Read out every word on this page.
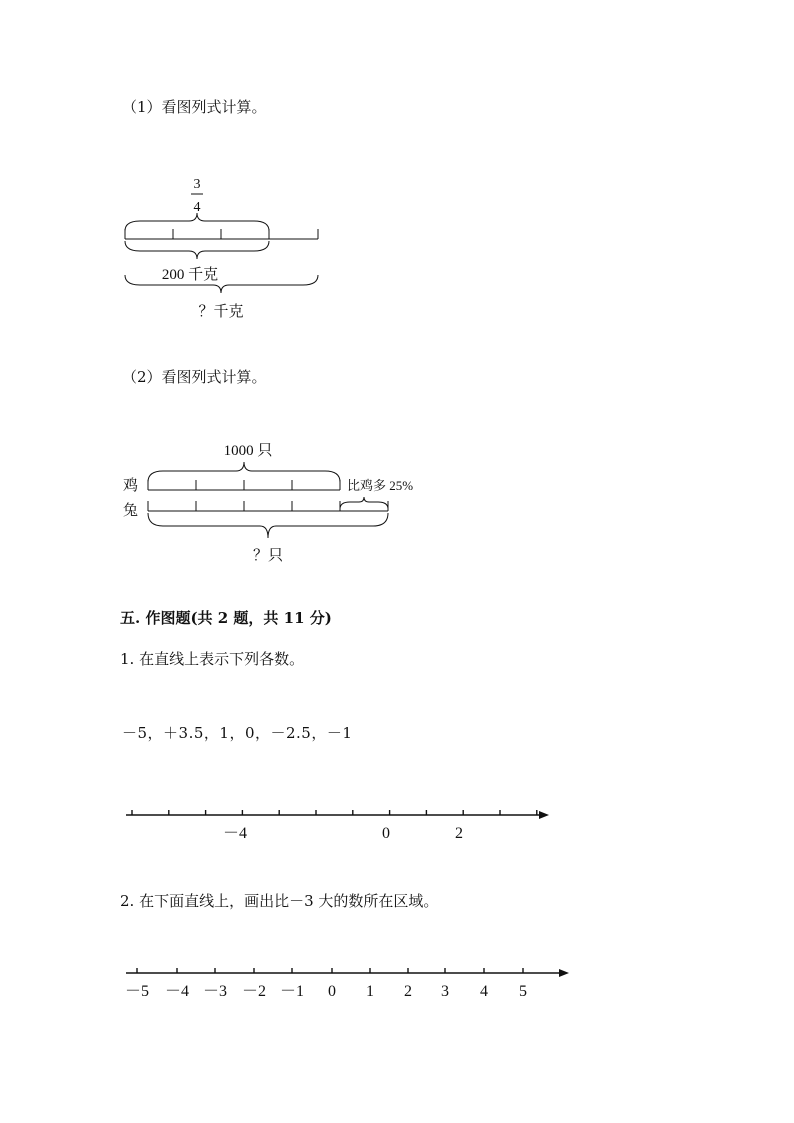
（1）看图列式计算。
3
4
200 千克
？千克
（2）看图列式计算。
1000 只
鸡	比鸡多 25%
兔
？只
五. 作图题(共 2 题，共 11 分)
1. 在直线上表示下列各数。
－5，＋3.5，1，0，－2.5，－1
－4	0	2
2. 在下面直线上，画出比－3 大的数所在区域。
－5 －4 －3 －2 －1 0 1 2 3 4 5
